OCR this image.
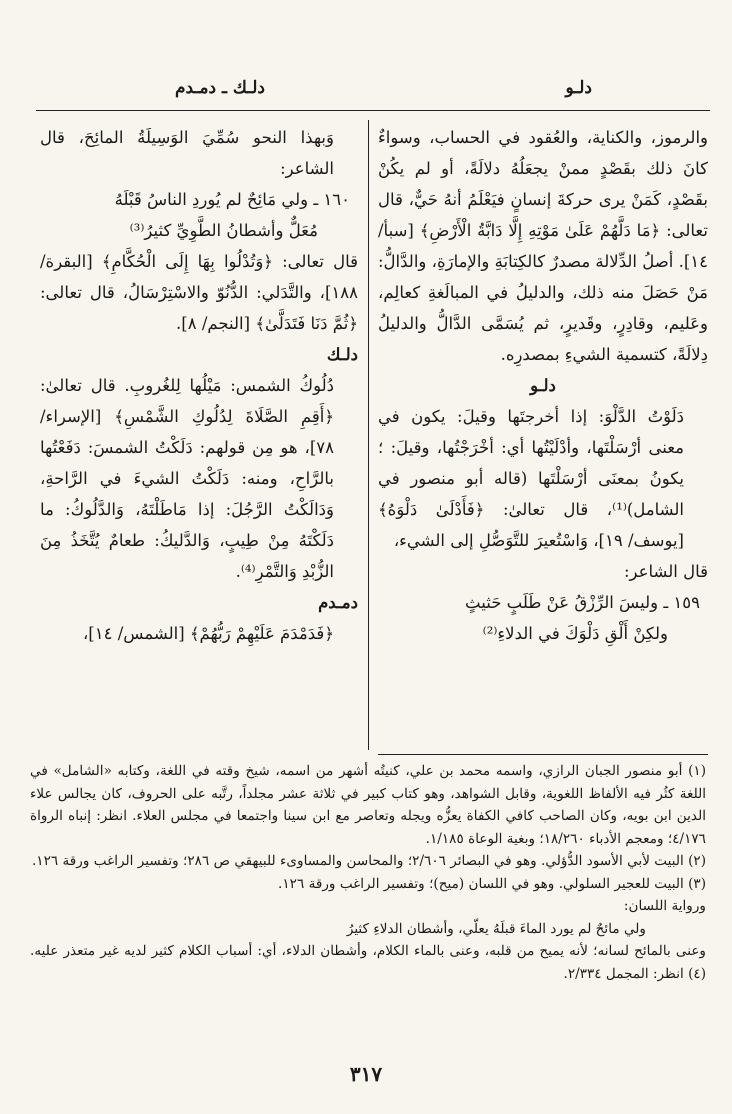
دلـو
دلـك ـ دمـدم

والرموز، والكناية، والعُقود في الحساب، وسواءٌ كانَ ذلك بقَصْدٍ ممنْ يجعَلُهُ دلالَةً، أو لم يكُنْ بقَصْدٍ، كَمَنْ يرى حركةَ إنسانٍ فيَعْلَمُ أنهُ حَيٌّ، قال تعالى: ﴿مَا دَلَّهُمْ عَلَىٰ مَوْتِهِ إِلَّا دَابَّةُ الْأَرْضِ﴾ [سبأ/ ١٤]. أصلُ الدِّلالة مصدرٌ كالكِتابَةِ والإمارَةِ، والدَّالُّ: مَنْ حَصَلَ منه ذلك، والدليلُ في المبالَغةِ كعالِم، وعَليم، وقادِرٍ، وقَديرٍ، ثم يُسَمَّى الدَّالُّ والدليلُ دِلالَةً، كتسمية الشيءِ بمصدرِه.

دلـو

دَلَوْتُ الدَّلْوَ: إذا أخرجتَها وقيلَ: يكون في معنى أرْسَلْتَها، وأدْلَيْتُها أي: أخْرَجْتُها، وقيلَ: ؛ يكونُ بمعنَى أرْسَلْتَها (قاله أبو منصور في الشامل)⁽¹⁾، قال تعالىٰ: ﴿فَأَدْلَىٰ دَلْوَهُ﴾ [يوسف/ ١٩]، وَاسْتُعيرَ للتَّوَصُّلِ إلى الشيء،

قال الشاعر:

١٥٩ ـ وليسَ الرِّزْقُ عَنْ طَلَبٍ حَثيثٍ

ولكِنْ أَلْقِ دَلْوَكَ في الدلاءِ⁽²⁾

وَبهذا النحو سُمِّيَ الوَسِيلَةُ المائِحَ، قال الشاعر:

١٦٠ ـ ولي مَائِحٌ لم يُوردِ الناسُ قَبْلَهُ

مُعَلٌّ وأشطانُ الطَّوِيِّ كثيرُ⁽³⁾

قال تعالى: ﴿وَتُدْلُوا بِهَا إِلَى الْحُكَّامِ﴾ [البقرة/ ١٨٨]، والتَّدَلي: الدُّنُوّ والاسْتِرْسَالُ، قال تعالى: ﴿ثُمَّ دَنَا فَتَدَلَّىٰ﴾ [النجم/ ٨].

دلـك

دُلُوكُ الشمس: مَيْلُها لِلغُروبِ. قال تعالىٰ: ﴿أَقِمِ الصَّلَاةَ لِدُلُوكِ الشَّمْسِ﴾ [الإسراء/ ٧٨]، هو مِن قولهم: دَلَكْتُ الشمسَ: دَفَعْتُها بالرَّاحِ، ومنه: دَلَكْتُ الشيءَ في الرَّاحةِ، وَدَالَكْتُ الرَّجُلَ: إذا مَاطَلْتَهُ، وَالدَّلُوكُ: ما دَلَكْتَهُ مِنْ طِيبٍ، وَالدَّليكُ: طعامٌ يُتَّخَذُ مِنَ الزُّبْدِ وَالتَّمْرِ⁽⁴⁾.

دمـدم

﴿فَدَمْدَمَ عَلَيْهِمْ رَبُّهُمْ﴾ [الشمس/ ١٤]،

(١) أبو منصور الجبان الرازي، واسمه محمد بن علي، كنيتُه أشهر من اسمه، شيخ وقته في اللغة، وكتابه «الشامل» في اللغة كثُر فيه الألفاظ اللغوية، وقابل الشواهد، وهو كتاب كبير في ثلاثة عشر مجلداً، رتَّبه على الحروف، كان يجالس علاء الدين ابن بويه، وكان الصاحب كافي الكفاة يعزُّه ويجله وتعاصر مع ابن سينا واجتمعا في مجلس العلاء. انظر: إنباه الرواة ٤/١٧٦؛ ومعجم الأدباء ١٨/٢٦٠؛ وبغية الوعاة ١/١٨٥.

(٢) البيت لأبي الأسود الدُّؤلي. وهو في البصائر ٢/٦٠٦؛ والمحاسن والمساوىء للبيهقي ص ٢٨٦؛ وتفسير الراغب ورقة ١٢٦.

(٣) البيت للعجير السلولي. وهو في اللسان (ميح)؛ وتفسير الراغب ورقة ١٢٦.

ورواية اللسان:

ولي مائحٌ لم يورد الماءَ قبلَهُ يعلّي، وأشطان الدلاءِ كثيرُ

وعنى بالمائح لسانه؛ لأنه يميح من قلبه، وعنى بالماء الكلام، وأشطان الدلاء، أي: أسباب الكلام كثير لديه غير متعذر عليه. (٤) انظر: المجمل ٢/٣٣٤.

٣١٧
